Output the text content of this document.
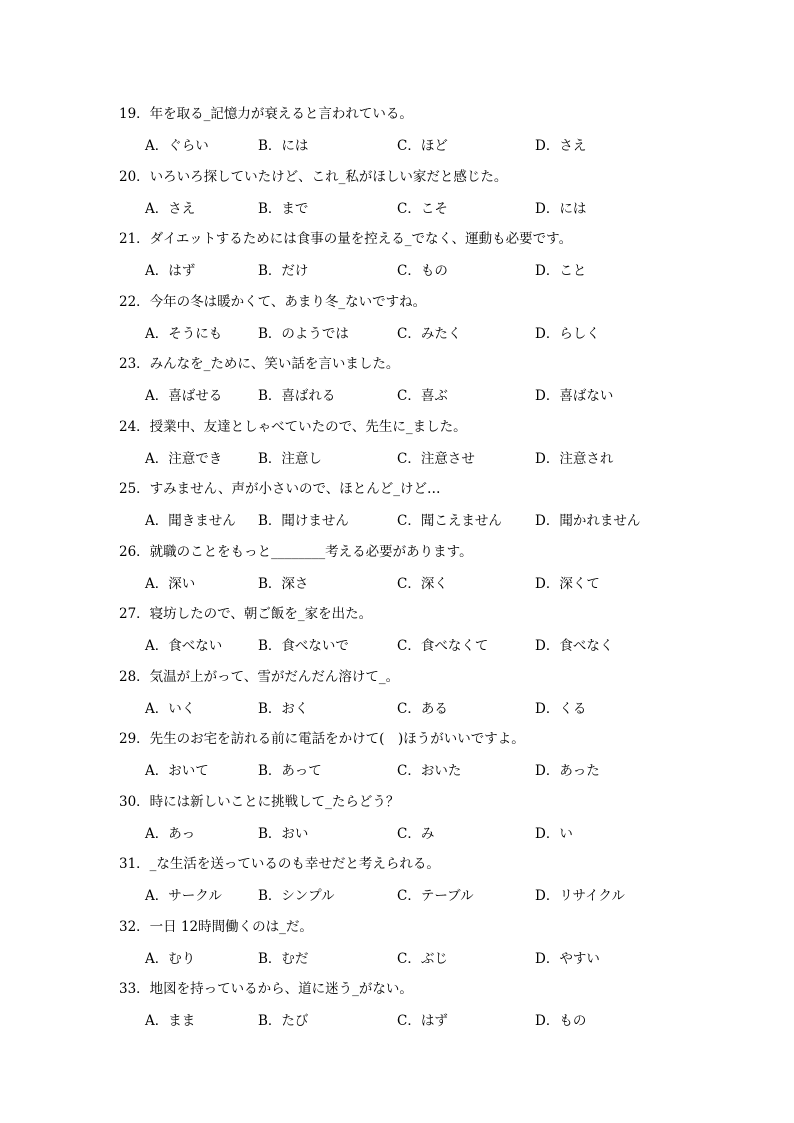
19．年を取る_記憶力が衰えると言われている。
A．ぐらい	B．には	C．ほど	D．さえ
20．いろいろ探していたけど、これ_私がほしい家だと感じた。
A．さえ	B．まで	C．こそ	D．には
21．ダイエットするためには食事の量を控える_でなく、運動も必要です。
A．はず	B．だけ	C．もの	D．こと
22．今年の冬は暖かくて、あまり冬_ないですね。
A．そうにも	B．のようでは	C．みたく	D．らしく
23．みんなを_ために、笑い話を言いました。
A．喜ばせる	B．喜ばれる	C．喜ぶ	D．喜ばない
24．授業中、友達としゃべていたので、先生に_ました。
A．注意でき	B．注意し	C．注意させ	D．注意され
25．すみません、声が小さいので、ほとんど_けど…
A．聞きません B．聞けません	C．聞こえません D．聞かれません
26．就職のことをもっと________考える必要があります。
A．深い	B．深さ	C．深く	D．深くて
27．寝坊したので、朝ご飯を_家を出た。
A．食べない	B．食べないで	C．食べなくて	D．食べなく
28．気温が上がって、雪がだんだん溶けて_。
A．いく	B．おく	C．ある	D．くる
29．先生のお宅を訪れる前に電話をかけて(　)ほうがいいですよ。
A．おいて	B．あって	C．おいた	D．あった
30．時には新しいことに挑戦して_たらどう？
A．あっ	B．おい	C．み	D．い
31．_な生活を送っているのも幸せだと考えられる。
A．サークル	B．シンプル	C．テーブル	D．リサイクル
32．一日 12時間働くのは_だ。
A．むり	B．むだ	C．ぶじ	D．やすい
33．地図を持っているから、道に迷う_がない。
A．まま	B．たび	C．はず	D．もの
